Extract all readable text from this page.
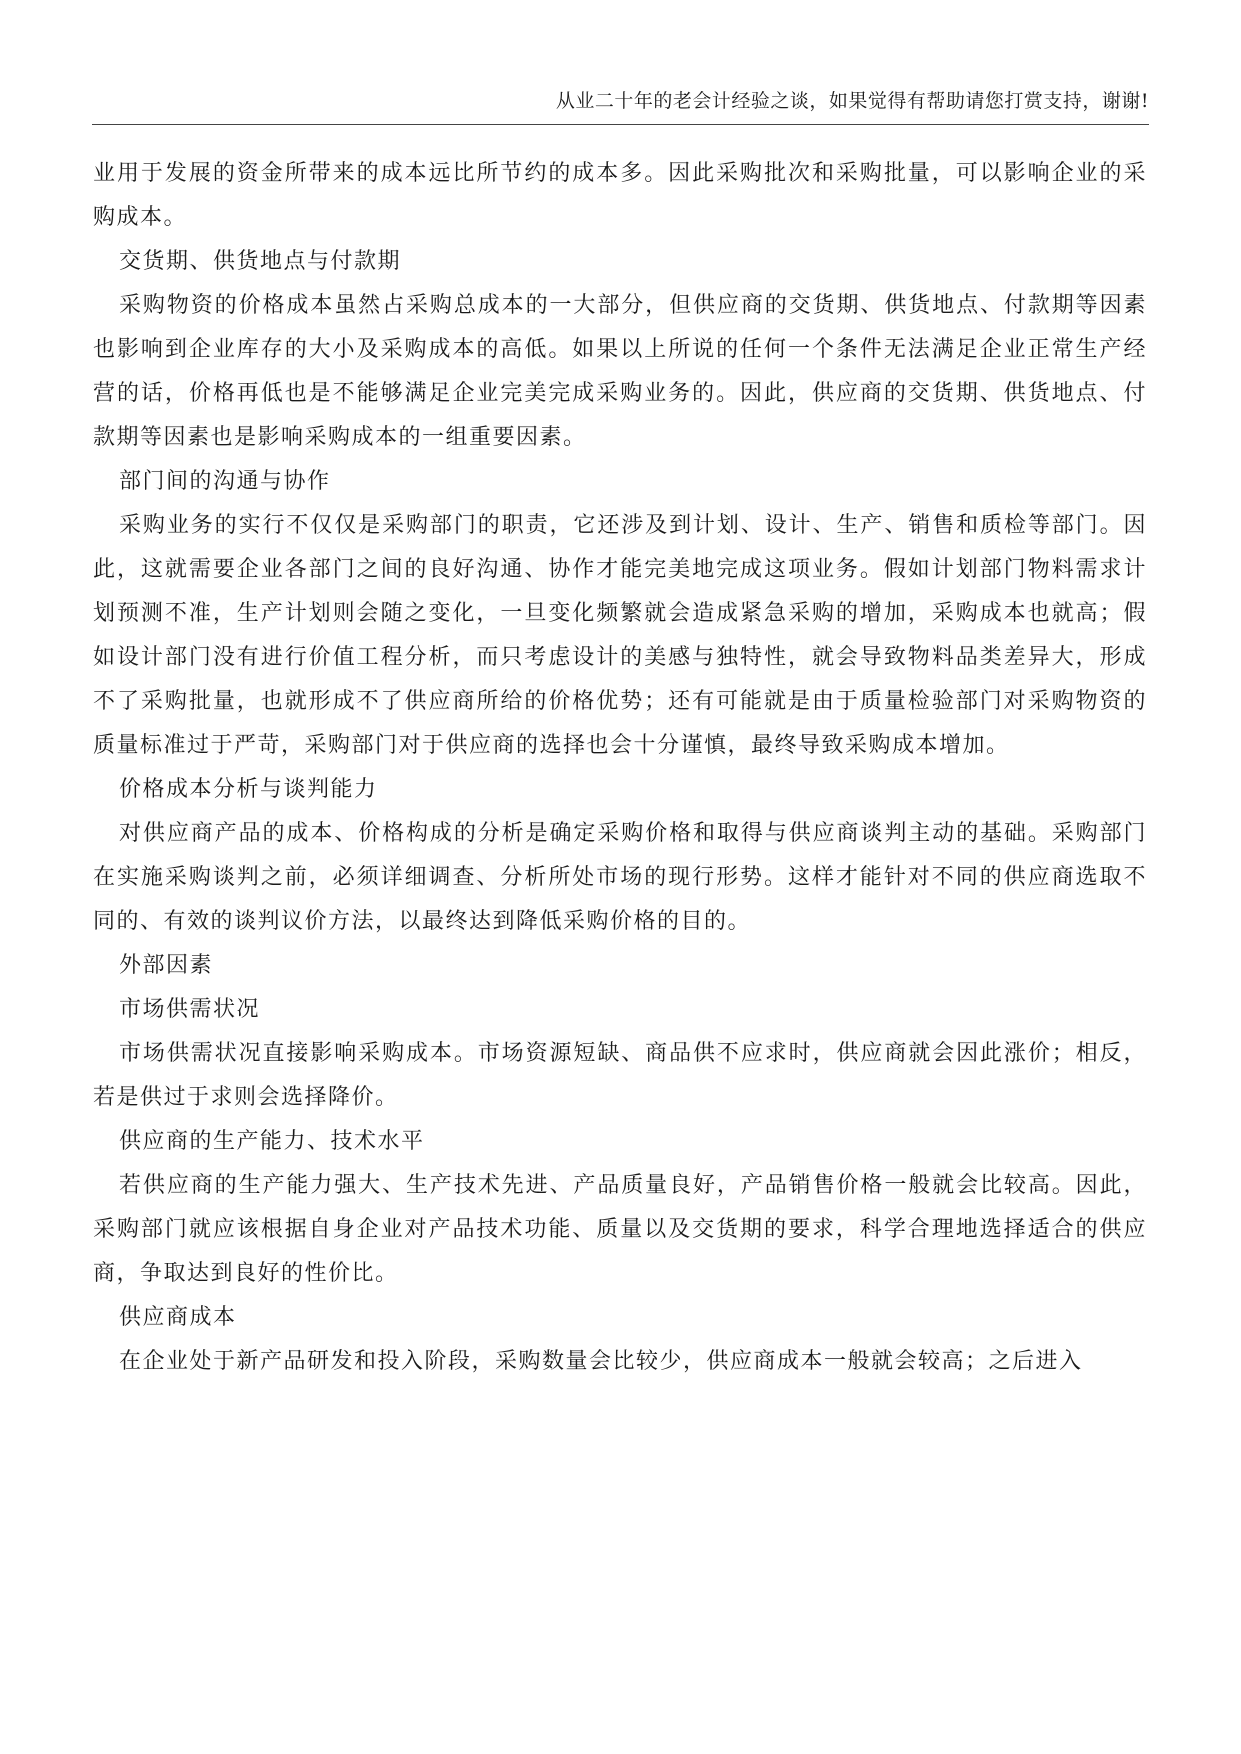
从业二十年的老会计经验之谈，如果觉得有帮助请您打赏支持，谢谢!

业用于发展的资金所带来的成本远比所节约的成本多。因此采购批次和采购批量，可以影响企业的采购成本。

交货期、供货地点与付款期

采购物资的价格成本虽然占采购总成本的一大部分，但供应商的交货期、供货地点、付款期等因素也影响到企业库存的大小及采购成本的高低。如果以上所说的任何一个条件无法满足企业正常生产经营的话，价格再低也是不能够满足企业完美完成采购业务的。因此，供应商的交货期、供货地点、付款期等因素也是影响采购成本的一组重要因素。

部门间的沟通与协作

采购业务的实行不仅仅是采购部门的职责，它还涉及到计划、设计、生产、销售和质检等部门。因此，这就需要企业各部门之间的良好沟通、协作才能完美地完成这项业务。假如计划部门物料需求计划预测不准，生产计划则会随之变化，一旦变化频繁就会造成紧急采购的增加，采购成本也就高；假如设计部门没有进行价值工程分析，而只考虑设计的美感与独特性，就会导致物料品类差异大，形成不了采购批量，也就形成不了供应商所给的价格优势；还有可能就是由于质量检验部门对采购物资的质量标准过于严苛，采购部门对于供应商的选择也会十分谨慎，最终导致采购成本增加。

价格成本分析与谈判能力

对供应商产品的成本、价格构成的分析是确定采购价格和取得与供应商谈判主动的基础。采购部门在实施采购谈判之前，必须详细调查、分析所处市场的现行形势。这样才能针对不同的供应商选取不同的、有效的谈判议价方法，以最终达到降低采购价格的目的。

外部因素

市场供需状况

市场供需状况直接影响采购成本。市场资源短缺、商品供不应求时，供应商就会因此涨价；相反，若是供过于求则会选择降价。

供应商的生产能力、技术水平

若供应商的生产能力强大、生产技术先进、产品质量良好，产品销售价格一般就会比较高。因此，采购部门就应该根据自身企业对产品技术功能、质量以及交货期的要求，科学合理地选择适合的供应商，争取达到良好的性价比。

供应商成本

在企业处于新产品研发和投入阶段，采购数量会比较少，供应商成本一般就会较高；之后进入
